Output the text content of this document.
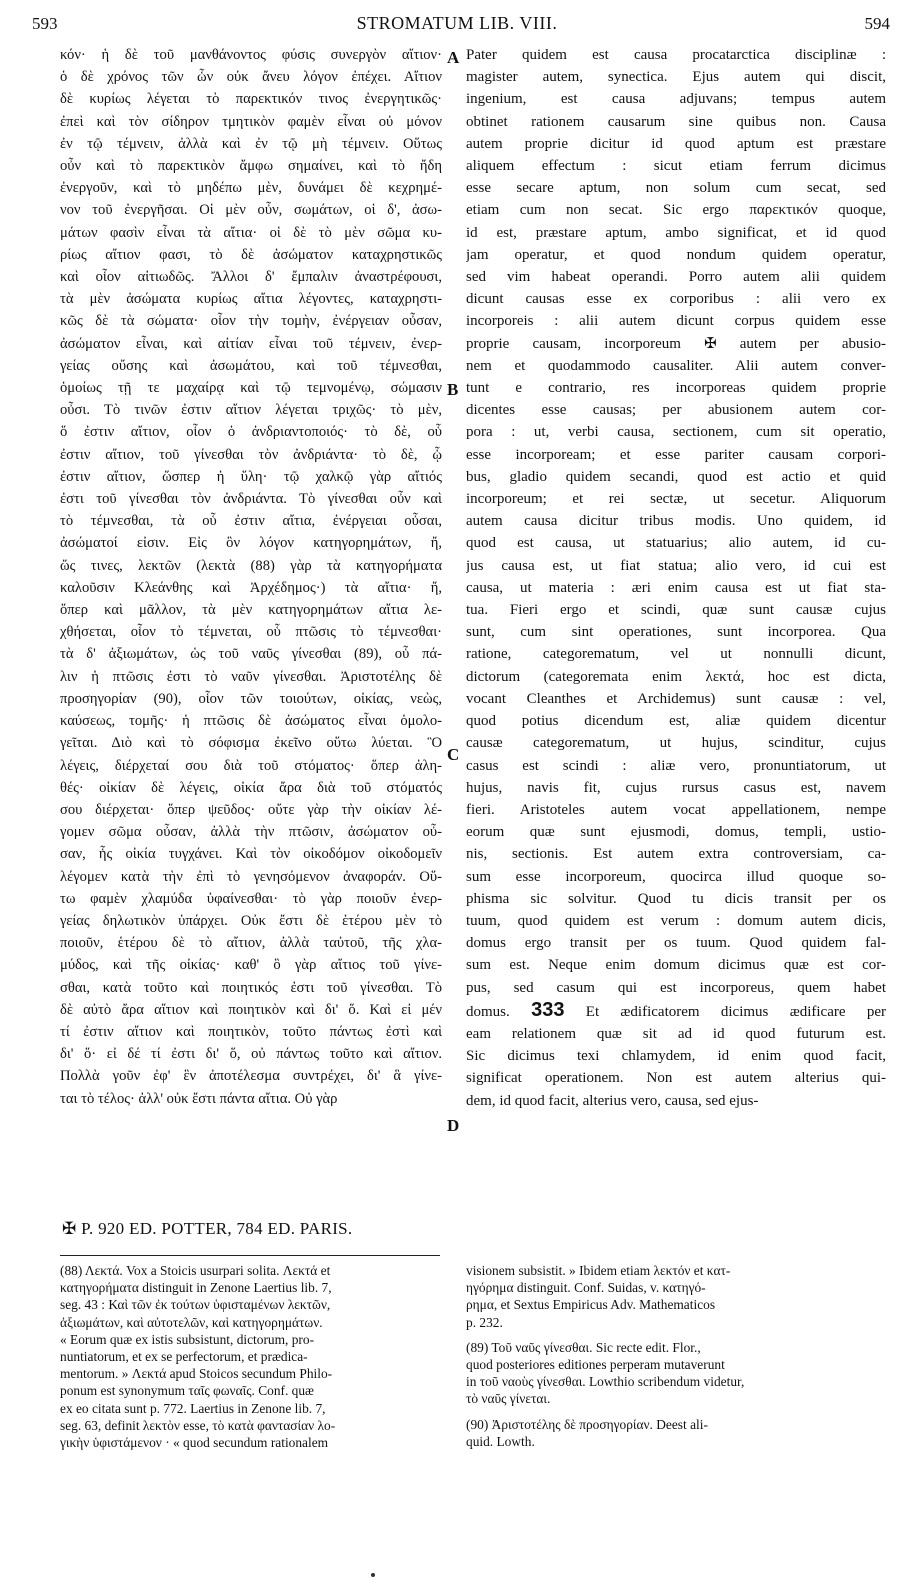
593	STROMATUM LIB. VIII.	594
κόν· ἡ δὲ τοῦ μανθάνοντος φύσις συνεργὸν αἴτιον·
ὁ δὲ χρόνος τῶν ὧν οὐκ ἄνευ λόγον ἐπέχει. Αἴτιον
δὲ κυρίως λέγεται τὸ παρεκτικόν τινος ἐνεργητικῶς·
ἐπεὶ καὶ τὸν σίδηρον τμητικὸν φαμὲν εἶναι οὐ μόνον
ἐν τῷ τέμνειν, ἀλλὰ καὶ ἐν τῷ μὴ τέμνειν. Οὕτως
οὖν καὶ τὸ παρεκτικὸν ἄμφω σημαίνει, καὶ τὸ ἤδη
ἐνεργοῦν, καὶ τὸ μηδέπω μὲν, δυνάμει δὲ κεχρημέ-
νον τοῦ ἐνεργῆσαι. Οἱ μὲν οὖν, σωμάτων, οἱ δ', ἀσω-
μάτων φασὶν εἶναι τὰ αἴτια· οἱ δὲ τὸ μὲν σῶμα κυ-
ρίως αἴτιον φασι, τὸ δὲ ἀσώματον καταχρηστικῶς
καὶ οἷον αἰτιωδῶς. Ἄλλοι δ' ἔμπαλιν ἀναστρέφουσι,
τὰ μὲν ἀσώματα κυρίως αἴτια λέγοντες, καταχρηστι-
κῶς δὲ τὰ σώματα· οἷον τὴν τομὴν, ἐνέργειαν οὖσαν,
ἀσώματον εἶναι, καὶ αἰτίαν εἶναι τοῦ τέμνειν, ἐνερ-
γείας οὔσης καὶ ἀσωμάτου, καὶ τοῦ τέμνεσθαι,
ὁμοίως τῇ τε μαχαίρᾳ καὶ τῷ τεμνομένῳ, σώμασιν
οὖσι. Τὸ τινῶν ἐστιν αἴτιον λέγεται τριχῶς· τὸ μὲν,
ὅ ἐστιν αἴτιον, οἷον ὁ ἀνδριαντοποιός· τὸ δὲ, οὗ
ἐστιν αἴτιον, τοῦ γίνεσθαι τὸν ἀνδριάντα· τὸ δὲ, ᾧ
ἐστιν αἴτιον, ὥσπερ ἡ ὕλη· τῷ χαλκῷ γὰρ αἴτιός
ἐστι τοῦ γίνεσθαι τὸν ἀνδριάντα. Τὸ γίνεσθαι οὖν καὶ
τὸ τέμνεσθαι, τὰ οὗ ἐστιν αἴτια, ἐνέργειαι οὖσαι,
ἀσώματοί εἰσιν. Εἰς ὃν λόγον κατηγορημάτων, ἤ,
ὥς τινες, λεκτῶν (λεκτὰ (88) γὰρ τὰ κατηγορήματα
καλοῦσιν Κλεάνθης καὶ Ἀρχέδημος·) τὰ αἴτια· ἤ,
ὅπερ καὶ μᾶλλον, τὰ μὲν κατηγορημάτων αἴτια λε-
χθήσεται, οἷον τὸ τέμνεται, οὗ πτῶσις τὸ τέμνεσθαι·
τὰ δ' ἀξιωμάτων, ὡς τοῦ ναῦς γίνεσθαι (89), οὗ πά-
λιν ἡ πτῶσις ἐστι τὸ ναῦν γίνεσθαι. Ἀριστοτέλης δὲ
προσηγορίαν (90), οἷον τῶν τοιούτων, οἰκίας, νεὼς,
καύσεως, τομῆς· ἡ πτῶσις δὲ ἀσώματος εἶναι ὁμολο-
γεῖται. Διὸ καὶ τὸ σόφισμα ἐκεῖνο οὕτω λύεται. Ὃ
λέγεις, διέρχεταί σου διὰ τοῦ στόματος· ὅπερ ἀλη-
θές· οἰκίαν δὲ λέγεις, οἰκία ἄρα διὰ τοῦ στόματός
σου διέρχεται· ὅπερ ψεῦδος· οὔτε γὰρ τὴν οἰκίαν λέ-
γομεν σῶμα οὖσαν, ἀλλὰ τὴν πτῶσιν, ἀσώματον οὖ-
σαν, ἧς οἰκία τυγχάνει. Καὶ τὸν οἰκοδόμον οἰκοδομεῖν
λέγομεν κατὰ τὴν ἐπὶ τὸ γενησόμενον ἀναφοράν. Οὕ-
τω φαμὲν χλαμύδα ὑφαίνεσθαι· τὸ γὰρ ποιοῦν ἐνερ-
γείας δηλωτικὸν ὑπάρχει. Οὐκ ἔστι δὲ ἑτέρου μὲν τὸ
ποιοῦν, ἑτέρου δὲ τὸ αἴτιον, ἀλλὰ ταὐτοῦ, τῆς χλα-
μύδος, καὶ τῆς οἰκίας· καθ' ὃ γὰρ αἴτιος τοῦ γίνε-
σθαι, κατὰ τοῦτο καὶ ποιητικός ἐστι τοῦ γίνεσθαι. Τὸ
δὲ αὐτὸ ἄρα αἴτιον καὶ ποιητικὸν καὶ δι' ὅ. Καὶ εἰ μέν
τί ἐστιν αἴτιον καὶ ποιητικὸν, τοῦτο πάντως ἐστὶ καὶ
δι' ὅ· εἰ δέ τί ἐστι δι' ὅ, οὐ πάντως τοῦτο καὶ αἴτιον.
Πολλὰ γοῦν ἐφ' ἓν ἀποτέλεσμα συντρέχει, δι' ἃ γίνε-
ται τὸ τέλος· ἀλλ' οὐκ ἔστι πάντα αἴτια. Οὐ γὰρ
Pater quidem est causa procatarctica disciplinæ :
magister autem, synectica. Ejus autem qui discit,
ingenium, est causa adjuvans; tempus autem
obtinet rationem causarum sine quibus non. Causa
autem proprie dicitur id quod aptum est præstare
aliquem effectum : sicut etiam ferrum dicimus
esse secare aptum, non solum cum secat, sed
etiam cum non secat. Sic ergo παρεκτικόν quoque,
id est, præstare aptum, ambo significat, et id quod
jam operatur, et quod nondum quidem operatur,
sed vim habeat operandi. Porro autem alii quidem
dicunt causas esse ex corporibus : alii vero ex
incorporeis : alii autem dicunt corpus quidem esse
proprie causam, incorporeum ✠ autem per abusio-
nem et quodammodo causaliter. Alii autem conver-
tunt e contrario, res incorporeas quidem proprie
dicentes esse causas; per abusionem autem cor-
pora : ut, verbi causa, sectionem, cum sit operatio,
esse incorpoream; et esse pariter causam corpori-
bus, gladio quidem secandi, quod est actio et quid
incorporeum; et rei sectæ, ut secetur. Aliquorum
autem causa dicitur tribus modis. Uno quidem, id
quod est causa, ut statuarius; alio autem, id cu-
jus causa est, ut fiat statua; alio vero, id cui est
causa, ut materia : æri enim causa est ut fiat sta-
tua. Fieri ergo et scindi, quæ sunt causæ cujus
sunt, cum sint operationes, sunt incorporea. Qua
ratione, categorematum, vel ut nonnulli dicunt,
dictorum (categoremata enim λεκτά, hoc est dicta,
vocant Cleanthes et Archidemus) sunt causæ : vel,
quod potius dicendum est, aliæ quidem dicentur
causæ categorematum, ut hujus, scinditur, cujus
casus est scindi : aliæ vero, pronuntiatorum, ut
hujus, navis fit, cujus rursus casus est, navem
fieri. Aristoteles autem vocat appellationem, nempe
eorum quæ sunt ejusmodi, domus, templi, ustio-
nis, sectionis. Est autem extra controversiam, ca-
sum esse incorporeum, quocirca illud quoque so-
phisma sic solvitur. Quod tu dicis transit per os
tuum, quod quidem est verum : domum autem dicis,
domus ergo transit per os tuum. Quod quidem fal-
sum est. Neque enim domum dicimus quæ est cor-
pus, sed casum qui est incorporeus, quem habet
domus. 333 Et ædificatorem dicimus ædificare per
eam relationem quæ sit ad id quod futurum est.
Sic dicimus texi chlamydem, id enim quod facit,
significat operationem. Non est autem alterius qui-
dem, id quod facit, alterius vero, causa, sed ejus-
A
B
C
D
✠ P. 920 ED. POTTER, 784 ED. PARIS.
(88) Λεκτά. Vox a Stoicis usurpari solita. Λεκτά et
κατηγορήματα distinguit in Zenone Laertius lib. 7,
seg. 43 : Καὶ τῶν ἐκ τούτων ὑφισταμένων λεκτῶν,
ἀξιωμάτων, καὶ αὐτοτελῶν, καὶ κατηγορημάτων.
« Eorum quæ ex istis subsistunt, dictorum, pro-
nuntiatorum, et ex se perfectorum, et prædica-
mentorum. » Λεκτά apud Stoicos secundum Philo-
ponum est synonymum ταῖς φωναῖς. Conf. quæ
ex eo citata sunt p. 772. Laertius in Zenone lib. 7,
seg. 63, definit λεκτὸν esse, τὸ κατὰ φαντασίαν λο-
γικὴν ὑφιστάμενον · « quod secundum rationalem

visionem subsistit. » Ibidem etiam λεκτόν et κατ-
ηγόρημα distinguit. Conf. Suidas, v. κατηγό-
ρημα, et Sextus Empiricus Adv. Mathematicos
p. 232.

(89) Τοῦ ναῦς γίνεσθαι. Sic recte edit. Flor.,
quod posteriores editiones perperam mutaverunt
in τοῦ ναοὺς γίνεσθαι. Lowthio scribendum videtur,
τὸ ναῦς γίνεται.

(90) Ἀριστοτέλης δὲ προσηγορίαν. Deest ali-
quid. Lowth.
